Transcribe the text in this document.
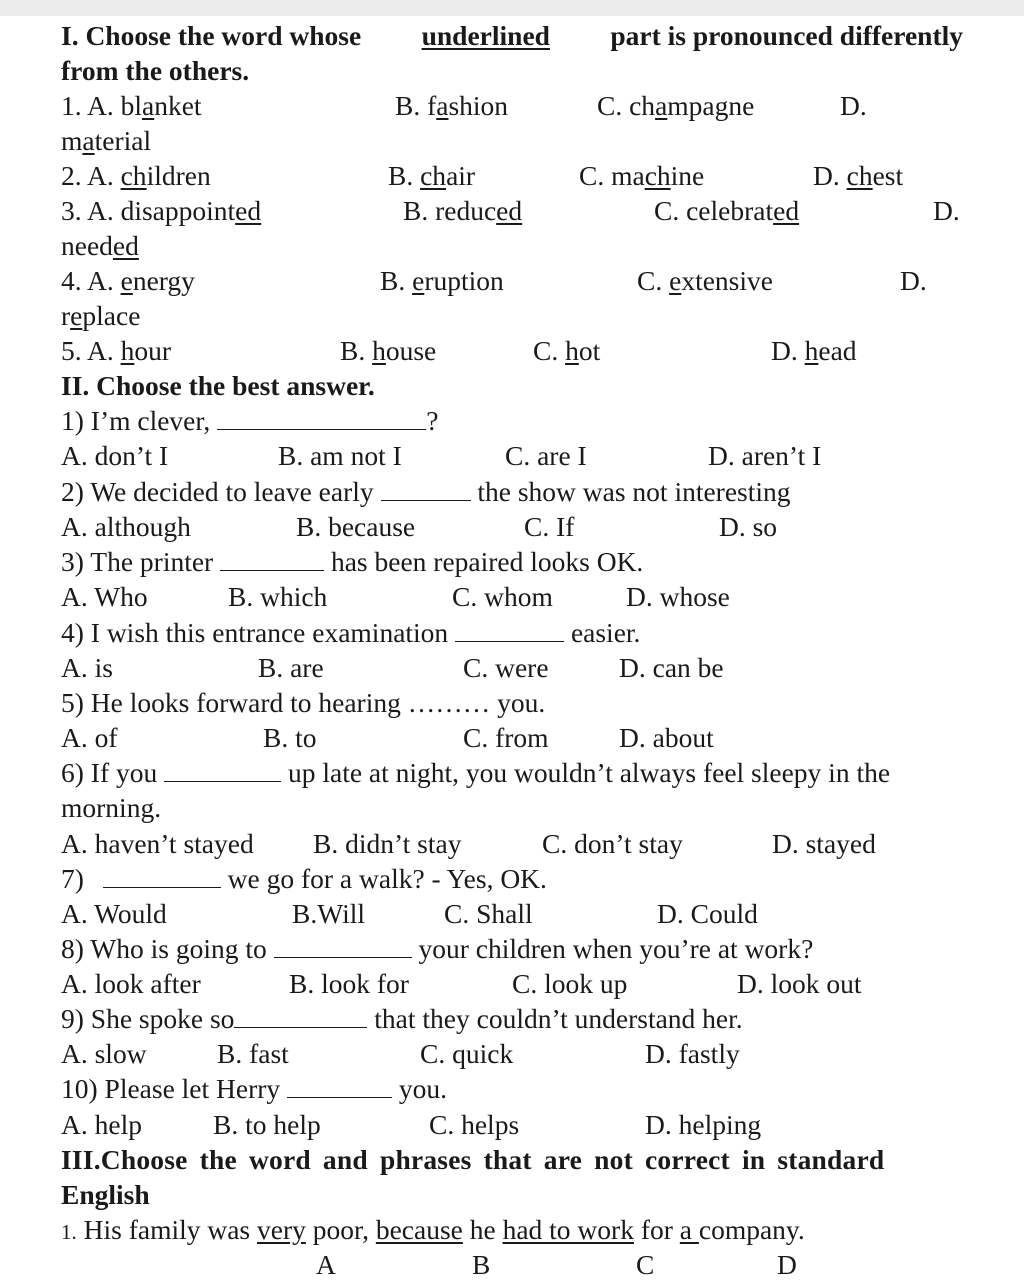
I. Choose the word whose underlined part is pronounced differently
from the others.
1. A. blanket	B. fashion	C. champagne	D.
material
2. A. children	B. chair	C. machine	D. chest
3. A. disappointed	B. reduced	C. celebrated	D.
needed
4. A. energy	B. eruption	C. extensive	D.
replace
5. A. hour	B. house	C. hot	D. head
II. Choose the best answer.
1) I’m clever,	?
A. don’t I	B. am not I	C. are I	D. aren’t I
2) We decided to leave early	the show was not interesting
A. although	B. because	C. If	D. so
3) The printer	has been repaired looks OK.
A. Who	B. which	C. whom	D. whose
4) I wish this entrance examination	easier.
A. is	B. are	C. were	D. can be
5) He looks forward to hearing ……… you.
A. of	B. to	C. from	D. about
6) If you	up late at night, you wouldn’t always feel sleepy in the
morning.
A. haven’t stayed B. didn’t stay	C. don’t stay	D. stayed
7)	we go for a walk? - Yes, OK.
A. Would	B.Will	C. Shall	D. Could
8) Who is going to	your children when you’re at work?
A. look after	B. look for	C. look up	D. look out
9) She spoke so	that they couldn’t understand her.
A. slow	B. fast	C. quick	D. fastly
10) Please let Herry	you.
A. help	B. to help	C. helps	D. helping
III.Choose the word and phrases that are not correct in standard
English
1. His family was very poor, because he had to work for a company.
A	B	C	D
